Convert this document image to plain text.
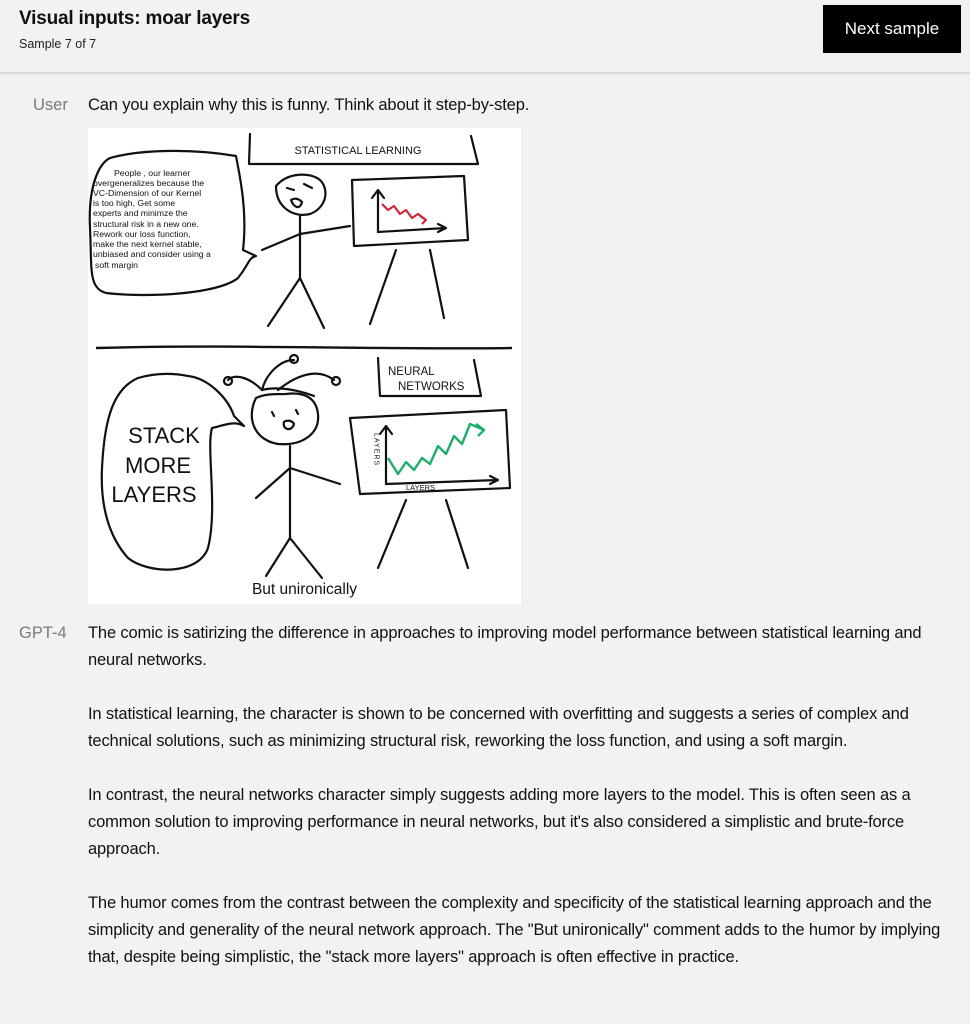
Visual inputs: moar layers
Sample 7 of 7
Next sample
User Can you explain why this is funny. Think about it step-by-step.
STATISTICAL LEARNING
People , our learner
overgeneralizes because the
VC-Dimension of our Kernel
is too high, Get some
experts and minimze the
structural risk in a new one.
Rework our loss function,
make the next kernel stable,
unbiased and consider using a
soft margin
NEURAL
NETWORKS
STACK
MORE
LAYERS
LAYERS
LAYERS
But unironically
GPT-4 The comic is satirizing the difference in approaches to improving model performance between statistical learning and neural networks.

In statistical learning, the character is shown to be concerned with overfitting and suggests a series of complex and technical solutions, such as minimizing structural risk, reworking the loss function, and using a soft margin.

In contrast, the neural networks character simply suggests adding more layers to the model. This is often seen as a common solution to improving performance in neural networks, but it's also considered a simplistic and brute-force approach.

The humor comes from the contrast between the complexity and specificity of the statistical learning approach and the simplicity and generality of the neural network approach. The "But unironically" comment adds to the humor by implying that, despite being simplistic, the "stack more layers" approach is often effective in practice.
